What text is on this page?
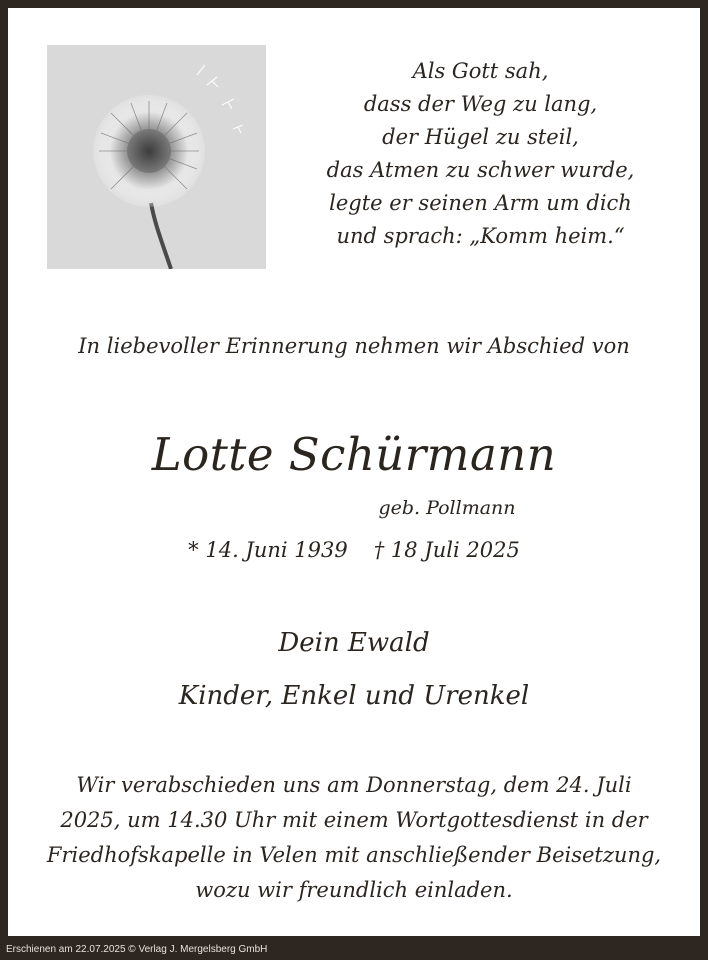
Als Gott sah,
dass der Weg zu lang,
der Hügel zu steil,
das Atmen zu schwer wurde,
legte er seinen Arm um dich
und sprach: „Komm heim.“
In liebevoller Erinnerung nehmen wir Abschied von
Lotte Schürmann
geb. Pollmann
* 14. Juni 1939 † 18 Juli 2025
Dein Ewald
Kinder, Enkel und Urenkel
Wir verabschieden uns am Donnerstag, dem 24. Juli
2025, um 14.30 Uhr mit einem Wortgottesdienst in der
Friedhofskapelle in Velen mit anschließender Beisetzung,
wozu wir freundlich einladen.
Erschienen am 22.07.2025 © Verlag J. Mergelsberg GmbH
